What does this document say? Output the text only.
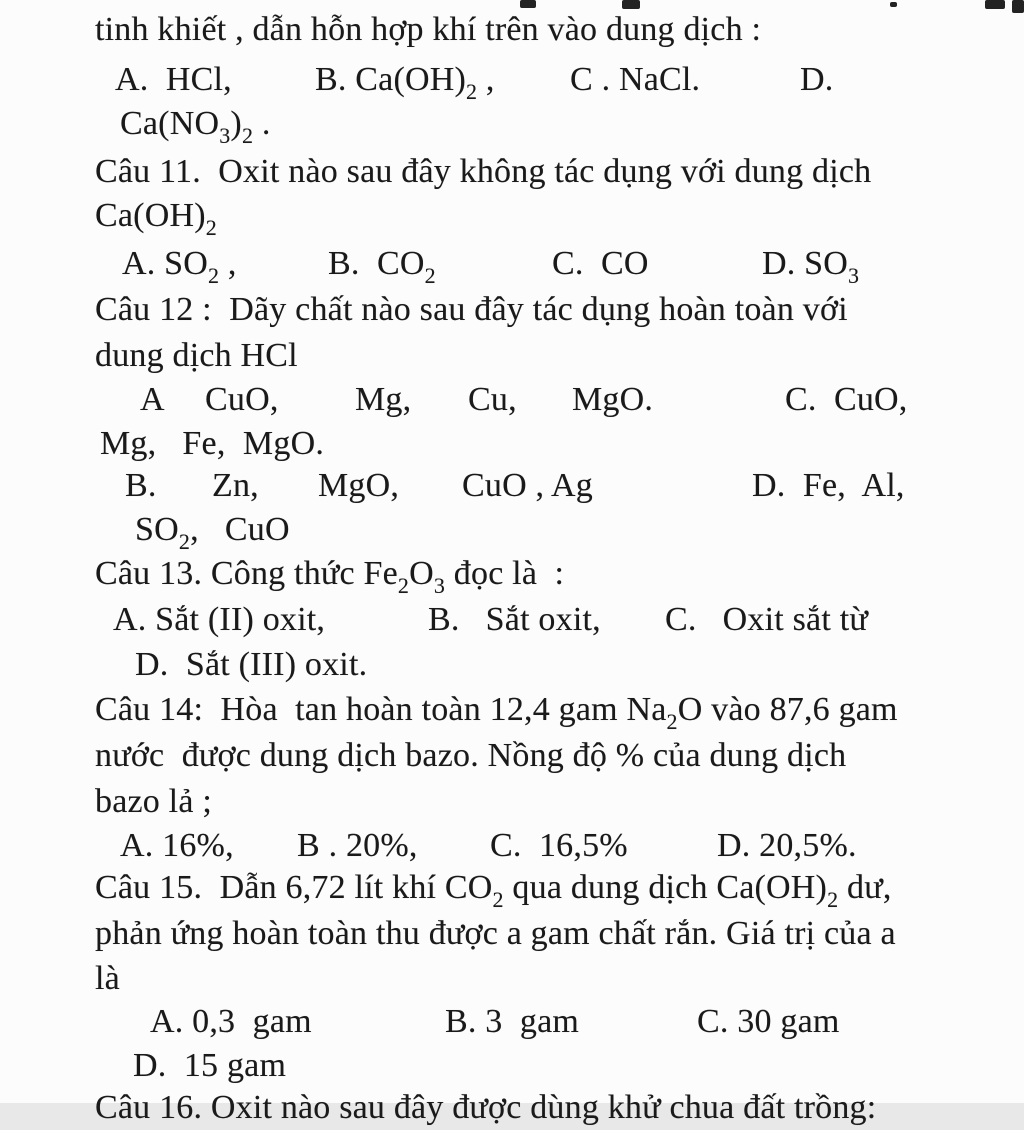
tinh khiết , dẫn hỗn hợp khí trên vào dung dịch :
A.  HCl, B. $Ca(OH)_2$ , C . NaCl.	D.
$Ca(NO_3)_2$ .
Câu 11.  Oxit nào sau đây không tác dụng với dung dịch
$Ca(OH)_2$
A. $SO_2$ ,	B.  $CO_2$	C.  CO	D. $SO_3$
Câu 12 :  Dãy chất nào sau đây tác dụng hoàn toàn với
dung dịch HCl
A CuO, Mg, Cu, MgO.	C.  CuO,
Mg,   Fe,  MgO.
B. Zn, MgO, CuO , Ag	D.  Fe,  Al,
$SO_2$,   CuO
Câu 13. Công thức $Fe_2O_3$ đọc là  :
A. Sắt (II) oxit,	B.   Sắt oxit, C.   Oxit sắt từ
D.  Sắt (III) oxit.
Câu 14:  Hòa  tan hoàn toàn 12,4 gam $Na_2O$ vào 87,6 gam
nước  được dung dịch bazo. Nồng độ % của dung dịch
bazo lả ;
A. 16%, B . 20%, C.  16,5%	D. 20,5%.
Câu 15.  Dẫn 6,72 lít khí $CO_2$ qua dung dịch $Ca(OH)_2$ dư,
phản ứng hoàn toàn thu được a gam chất rắn. Giá trị của a
là
A. 0,3  gam	B. 3  gam	C. 30 gam
D.  15 gam
Câu 16. Oxit nào sau đây được dùng khử chua đất trồng:
